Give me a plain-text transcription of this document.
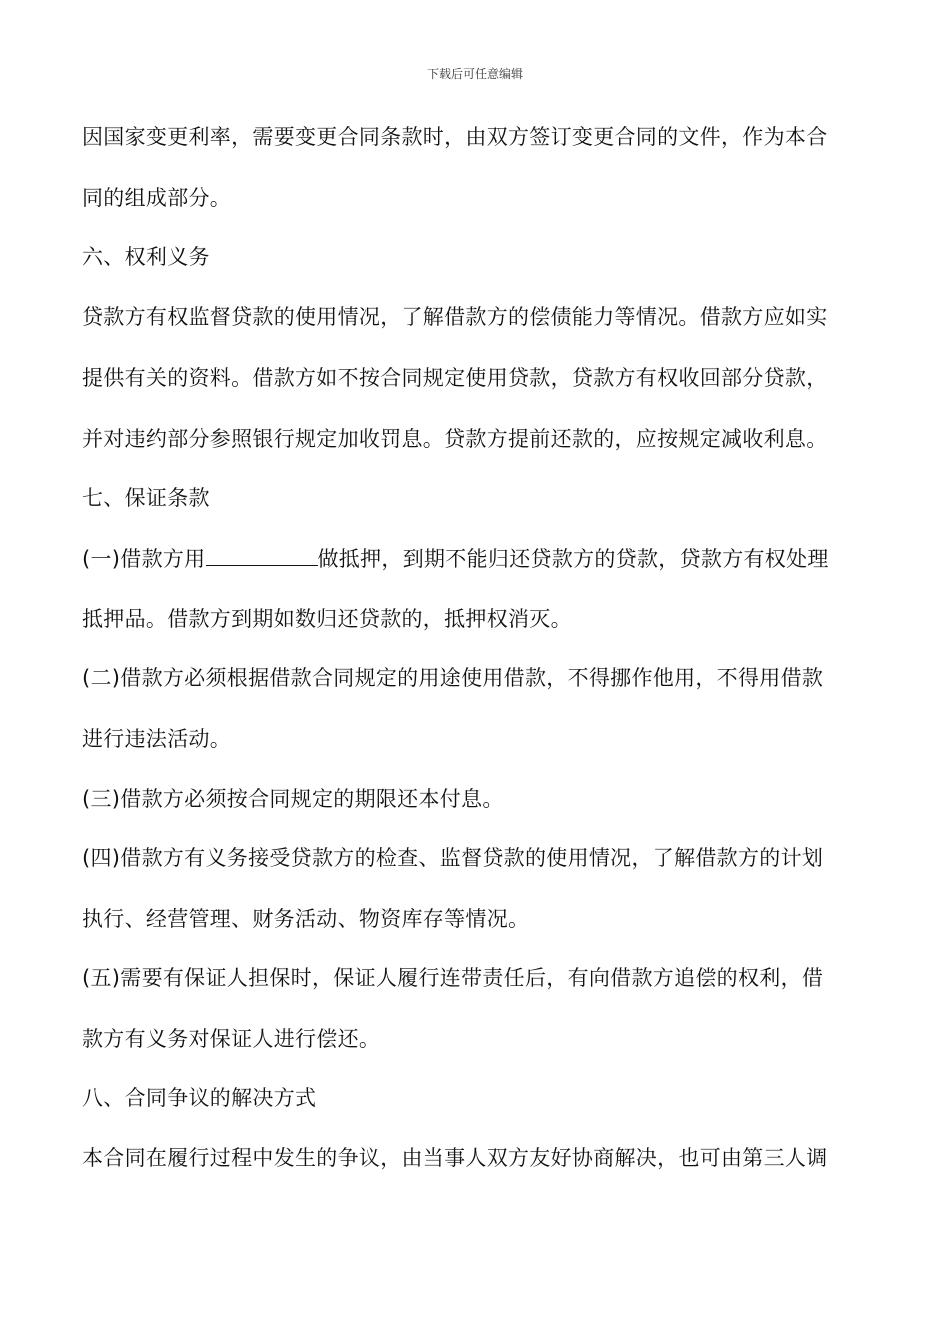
下载后可任意编辑
因国家变更利率，需要变更合同条款时，由双方签订变更合同的文件，作为本合
同的组成部分。
六、权利义务
贷款方有权监督贷款的使用情况，了解借款方的偿债能力等情况。借款方应如实
提供有关的资料。借款方如不按合同规定使用贷款，贷款方有权收回部分贷款，
并对违约部分参照银行规定加收罚息。贷款方提前还款的，应按规定减收利息。
七、保证条款
(一)借款方用	做抵押，到期不能归还贷款方的贷款，贷款方有权处理
抵押品。借款方到期如数归还贷款的，抵押权消灭。
(二)借款方必须根据借款合同规定的用途使用借款，不得挪作他用，不得用借款
进行违法活动。
(三)借款方必须按合同规定的期限还本付息。
(四)借款方有义务接受贷款方的检查、监督贷款的使用情况，了解借款方的计划
执行、经营管理、财务活动、物资库存等情况。
(五)需要有保证人担保时，保证人履行连带责任后，有向借款方追偿的权利，借
款方有义务对保证人进行偿还。
八、合同争议的解决方式
本合同在履行过程中发生的争议，由当事人双方友好协商解决，也可由第三人调
